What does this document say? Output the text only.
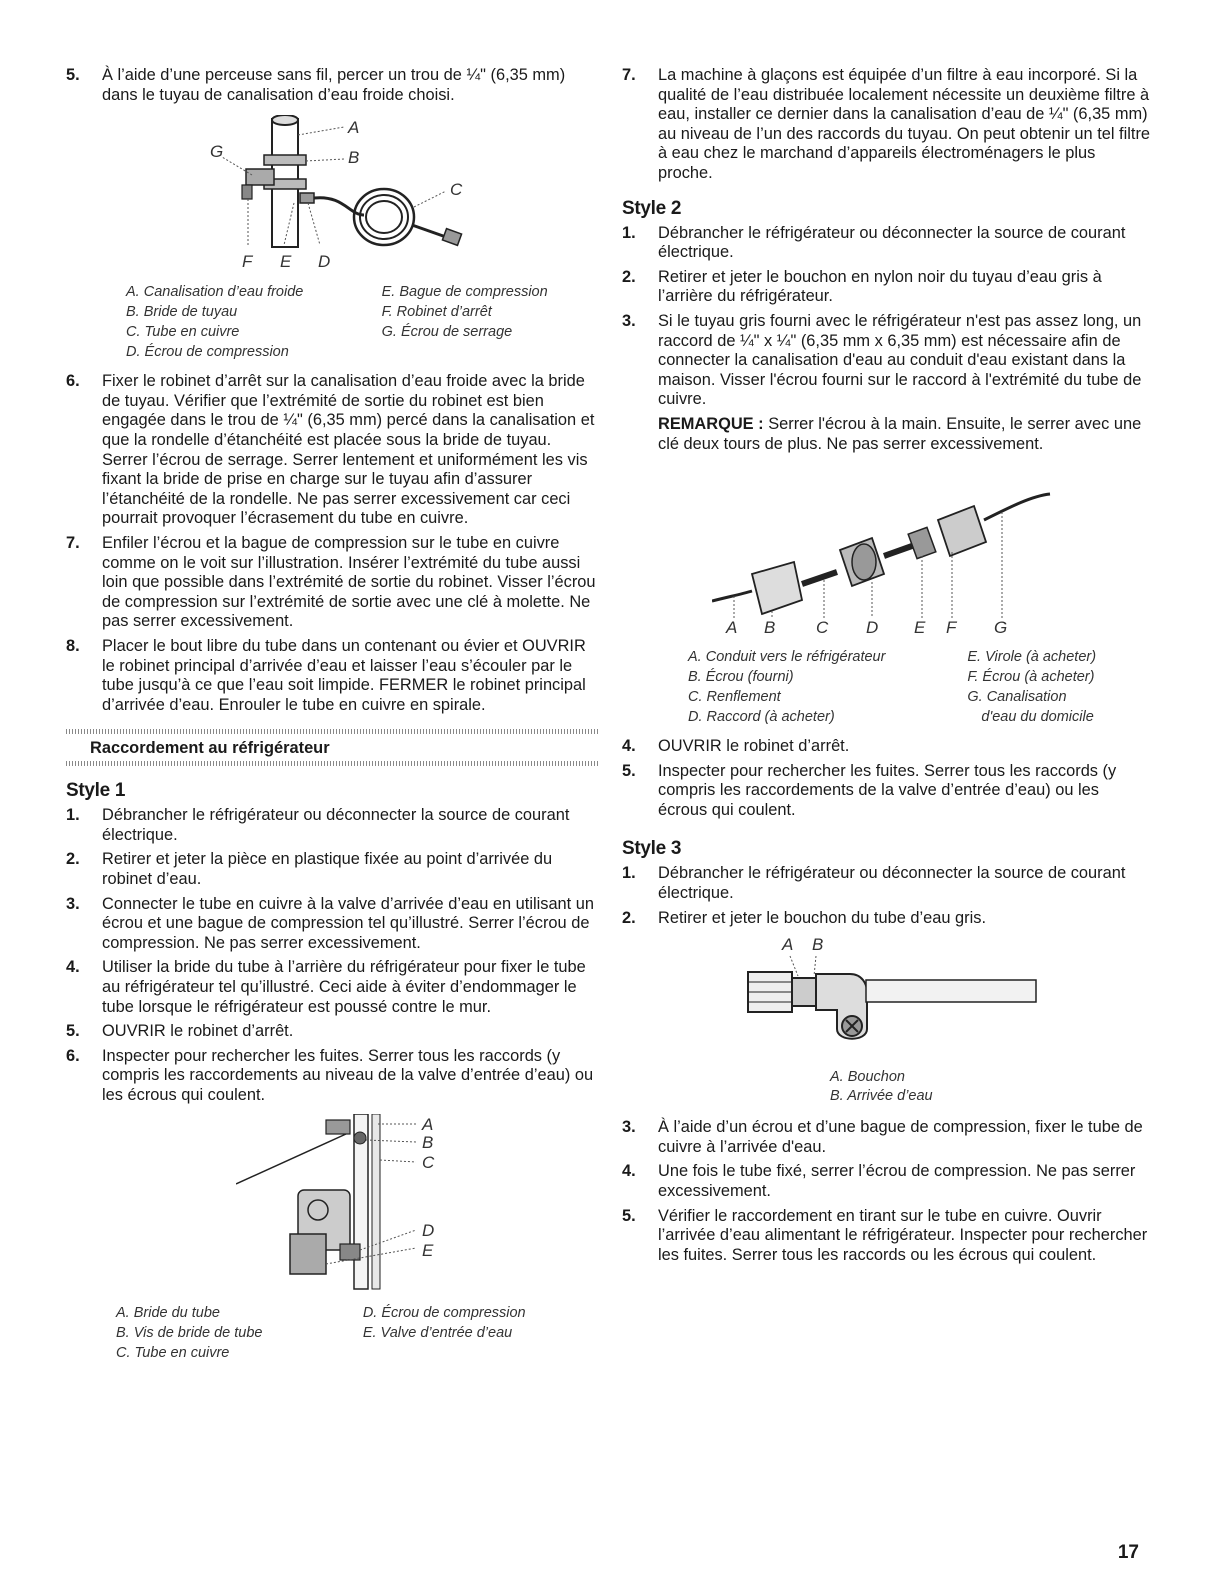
5. À l’aide d’une perceuse sans fil, percer un trou de ¼" (6,35 mm) dans le tuyau de canalisation d’eau froide choisi.
A
B
C
D
E
F
G
A. Canalisation d’eau froide	E. Bague de compression
B. Bride de tuyau	F. Robinet d’arrêt
C. Tube en cuivre	G. Écrou de serrage
D. Écrou de compression
6. Fixer le robinet d’arrêt sur la canalisation d’eau froide avec la bride de tuyau. Vérifier que l’extrémité de sortie du robinet est bien engagée dans le trou de ¼" (6,35 mm) percé dans la canalisation et que la rondelle d’étanchéité est placée sous la bride de tuyau. Serrer l’écrou de serrage. Serrer lentement et uniformément les vis fixant la bride de prise en charge sur le tuyau afin d’assurer l’étanchéité de la rondelle. Ne pas serrer excessivement car ceci pourrait provoquer l’écrasement du tube en cuivre.
7. Enfiler l’écrou et la bague de compression sur le tube en cuivre comme on le voit sur l’illustration. Insérer l’extrémité du tube aussi loin que possible dans l’extrémité de sortie du robinet. Visser l’écrou de compression sur l’extrémité de sortie avec une clé à molette. Ne pas serrer excessivement.
8. Placer le bout libre du tube dans un contenant ou évier et OUVRIR le robinet principal d’arrivée d’eau et laisser l’eau s’écouler par le tube jusqu’à ce que l’eau soit limpide. FERMER le robinet principal d’arrivée d’eau. Enrouler le tube en cuivre en spirale.
Raccordement au réfrigérateur
Style 1
1. Débrancher le réfrigérateur ou déconnecter la source de courant électrique.
2. Retirer et jeter la pièce en plastique fixée au point d’arrivée du robinet d’eau.
3. Connecter le tube en cuivre à la valve d’arrivée d’eau en utilisant un écrou et une bague de compression tel qu’illustré. Serrer l’écrou de compression. Ne pas serrer excessivement.
4. Utiliser la bride du tube à l’arrière du réfrigérateur pour fixer le tube au réfrigérateur tel qu’illustré. Ceci aide à éviter d’endommager le tube lorsque le réfrigérateur est poussé contre le mur.
5. OUVRIR le robinet d’arrêt.
6. Inspecter pour rechercher les fuites. Serrer tous les raccords (y compris les raccordements au niveau de la valve d’entrée d’eau) ou les écrous qui coulent.
A
B
C
D
E
A. Bride du tube	D. Écrou de compression
B. Vis de bride de tube	E. Valve d’entrée d’eau
C. Tube en cuivre
7. La machine à glaçons est équipée d’un filtre à eau incorporé. Si la qualité de l’eau distribuée localement nécessite un deuxième filtre à eau, installer ce dernier dans la canalisation d’eau de ¼" (6,35 mm) au niveau de l’un des raccords du tuyau. On peut obtenir un tel filtre à eau chez le marchand d’appareils électroménagers le plus proche.
Style 2
1. Débrancher le réfrigérateur ou déconnecter la source de courant électrique.
2. Retirer et jeter le bouchon en nylon noir du tuyau d’eau gris à l’arrière du réfrigérateur.
3. Si le tuyau gris fourni avec le réfrigérateur n'est pas assez long, un raccord de ¼" x ¼" (6,35 mm x 6,35 mm) est nécessaire afin de connecter la canalisation d'eau au conduit d'eau existant dans la maison. Visser l'écrou fourni sur le raccord à l'extrémité du tube de cuivre.
REMARQUE : Serrer l'écrou à la main. Ensuite, le serrer avec une clé deux tours de plus. Ne pas serrer excessivement.
A B C D E F G
A. Conduit vers le réfrigérateur	E. Virole (à acheter)
B. Écrou (fourni)	F. Écrou (à acheter)
C. Renflement	G. Canalisation
D. Raccord (à acheter)	d'eau du domicile
4. OUVRIR le robinet d’arrêt.
5. Inspecter pour rechercher les fuites. Serrer tous les raccords (y compris les raccordements de la valve d’entrée d’eau) ou les écrous qui coulent.
Style 3
1. Débrancher le réfrigérateur ou déconnecter la source de courant électrique.
2. Retirer et jeter le bouchon du tube d’eau gris.
A B
A. Bouchon
B. Arrivée d’eau
3. À l’aide d’un écrou et d’une bague de compression, fixer le tube de cuivre à l’arrivée d'eau.
4. Une fois le tube fixé, serrer l’écrou de compression. Ne pas serrer excessivement.
5. Vérifier le raccordement en tirant sur le tube en cuivre. Ouvrir l’arrivée d’eau alimentant le réfrigérateur. Inspecter pour rechercher les fuites. Serrer tous les raccords ou les écrous qui coulent.
17
